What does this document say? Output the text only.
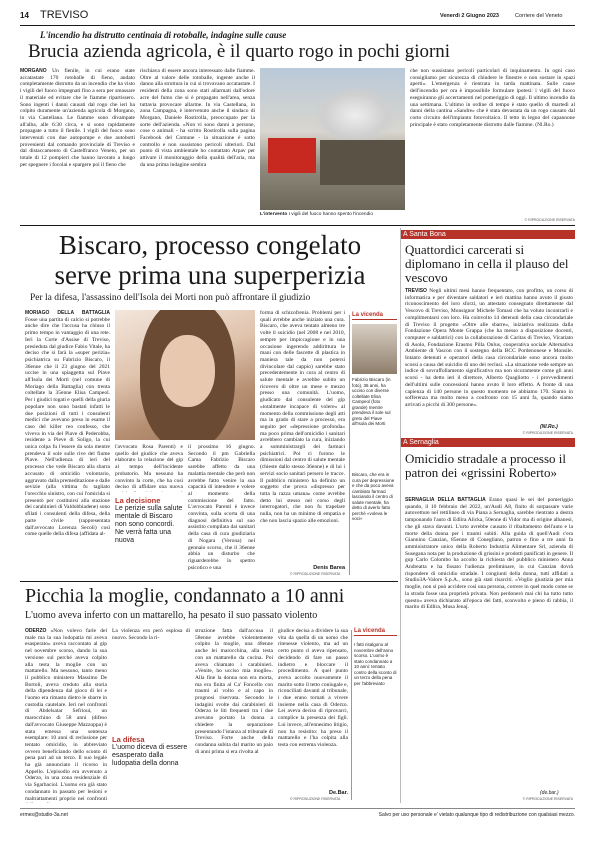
14 TREVISO	Venerdì 2 Giugno 2023	Corriere del Veneto
L'incendio ha distrutto centinaia di rotoballe, indagine sulle cause
Brucia azienda agricola, è il quarto rogo in pochi giorni
MORGANO Un fienile, in cui erano state accatastate 170 rotoballe di fieno, andato completamente distrutto da un incendio che ha visto i vigili del fuoco impegnati fino a sera per smassare il materiale ed evitare che le fiamme ripartissero. Sono ingenti i danni causati dal rogo che ieri ha colpito duramente un'azienda agricola di Morgano, in via Castellana. Le fiamme sono divampate all'alba, alle 6:30 circa, e si sono rapidamente propagate a tutto il fienile. I vigili del fuoco sono intervenuti con due autopompe e due autobotti provenienti dal comando provinciale di Treviso e dal distaccamento di Castelfranco Veneto, per un totale di 12 pompieri che hanno lavorato a lungo per spegnere i focolai e spargere poi il fieno che
rischiava di essere ancora interessato dalle fiamme. Oltre al valore delle rotoballe, ingente anche il danno alla struttura in cui si trovavano accatastate. I residenti della zona sono stati allarmati dall'odore acre del fumo che si è propagato nell'area, senza tuttavia provocare allarme. In via Castellana, in zona Campagna, è intervenuto anche il sindaco di Morgano, Daniele Rostirolla, preoccupato per la sorte dell'azienda. «Non vi sono danni a persone, cose o animali - ha scritto Rostirolla sulla pagina Facebook del Comune - la situazione è sotto controllo e non sussistono pericoli ulteriori. Dal punto di vista ambientale ho contattato Arpav per attivare il monitoraggio della qualità dell'aria, ma da una prima indagine sembra
L'intervento I vigili del fuoco hanno spento l'incendio
che non sussistano pericoli particolari di inquinamento. In ogni caso consigliamo per sicurezza di chiudere le finestre e non sostare in spazi aperti». L'emergenza è rientrata in tarda mattinata. Sulle cause dell'incendio per ora è impossibile formulare ipotesi: i vigili del fuoco eseguiranno gli accertamenti nel pomeriggio di oggi. Il ultimo incendio da una settimana. L'ultimo in ordine di tempo è stato quello di martedì al danni della cantina «Sandre» che è stata devastata da un rogo causato dal corto circuito dell'impianto fotovoltaico. Il tetto in legno del capannone principale è stato completamente distrutto dalle fiamme. (Nl.Ro.)
© RIPRODUZIONE RISERVATA
Biscaro, processo congelato
serve prima una superperizia
Per la difesa, l'assassino dell'Isola dei Morti non può affrontare il giudizio
MORIAGO DELLA BATTAGLIA Fosse una partita di calcio si potrebbe anche dire che l'accusa ha chiuso il primo tempo in vantaggio di una rete. Ieri la Corte d'Assise di Treviso, presieduta dal giudice Fabio Vitale, ha deciso che si farà la «super perizia» psichiatrica su Fabrizio Biscaro, il 36enne che il 23 giugno del 2021 uccise in una spiaggetta sul Piave all'Isola dei Morti (nel comune di Moriago della Battaglia) con trenta coltellate la 35enne Elisa Campeol. Per i giudici togati e quelli della giuria popolare non sono bastati infatti le due posizioni di tutti i consulenti medici che avevano preso in esame il caso del killer reo confesso, che viveva in via del Piave di Pederobba, residente a Pieve di Soligo, la cui unica colpa fu l'essere da sola mentre prendeva il sole sulle rive del fiume Piave. Nell'udienza di ieri del processo che vede Biscaro alla sbarra accusato di omicidio volontario, aggravato dalla premeditazione e dalle sevizie (alla vittima fu tagliato l'orecchio sinistro, con cui l'omicida si presentò per costituirsi alla stazione dei carabinieri di Valdobbiadene) sono sfilati i consulenti della difesa, della parte civile (rappresentata dall'avvocato Lorenza Secoli) così come quelle della difesa (affidata al-
l'avvocato Rosa Parenti) e quello del giudice che aveva elaborato la relazione del gip al tempo dell'incidente probatorio. Ma nessuno ha convinto la corte, che ha così deciso di affidare una nuova
La decisione
Le perizie sulla salute mentale di Biscaro non sono concordi. Ne verrà fatta una nuova
il prossimo 16 giugno. Secondo il pm Gabriella Cama Fabrizio Biscaro sarebbe affetto da una malattia mentale che però non avrebbe fatto venire la sua capacità di intendere e volere al momento della commissione del fatto. L'avvocato Parenti è invece convinta, sulla scorta di una diagnosi definitiva sul suo assistito compilata dai sanitari della casa di cura giudiziaria di Nogara (Verona) nel gennaio scorso, che il 36enne abbia un disturbo che riguarderebbe lo spettro psicotico e una
forma di schizofrenia. Problemi per i quali avrebbe anche iniziato una cura. Biscaro, che aveva tentato almeno tre volte il suicidio (nel 2008 e nel 2010, sempre per impiccagione e in una occasione ingerendo addirittura le mani con delle fascette di plastica in maniera tale da non potersi divincolare dal cappio) sarebbe stato precedentemente in cura al centro di salute mentale e avrebbe subito un ricovero di oltre un mese e mezzo presso una comunità. L'uomo, giudicato dal consulente del gip «totalmente incapace di volere» al momento della commissione degli atti ma in grado di stare a processo, era seguito per «depressione profonda» ma poco prima dell'omicidio i sanitari avrebbero cambiato la cura, iniziando a somministrargli dei farmaci psichiatrici. Poi ci furono le dimissioni dal centro di salute mentale (chieste dallo stesso 36enne) e di lui i servizi socio sanitari persero le tracce. Il pubblico ministero ha definito un soggetto che prova «dispresso per tutta la razza umana» come avrebbe detto lui stesso nel corso degli interrogatori, che non fu trapelare nulla, non ha un minimo di empatia e che non lascia spazio alle emozioni.
Denis Barea
© RIPRODUZIONE RISERVATA
La vicenda
Fabrizio Biscaro (in foto), 36 anni, ha ucciso con diverse coltellate Elisa Campeol (foto grande) mentre prendeva il sole sul greto del Piave all'Isola dei Morti
Biscaro, che era in cura per depressione e che da poco aveva cambiato farmaci lasciando il centro di salute mentale, ha detto di averlo fatto perché «voleva le voci»
A Santa Bona
Quattordici carcerati si diplomano in cella il plauso del vescovo
TREVISO Negli ultimi mesi hanno frequentato, con profitto, un corso di informatica e per diventare saldatori e ieri mattina hanno avuto il giusto riconoscimento del loro sforzi, un attestato consegnato direttamente dal Vescovo di Treviso, Monsignor Michele Tomasi che ha voluto incontrarli e complimentarsi con loro. Ha coinvolto 14 detenuti della casa circondariale di Treviso il progetto «Oltre alle sbarre», iniziativa realizzata dalla Fondazione Opera Monte Grappa (che ha messo a disposizione docenti, computer e saldatrici) con la collaborazione di Caritas di Treviso, Vicariato di Asolo, Fondazione Erasmo Pilla Onlus, cooperativa sociale Alternativa Ambiente di Vascon con il sostegno della BCC Pordenonese e Monsile. Intanto detenuti e operatori della casa circondariale sono ancora molto scossi a causa del suicidio di uno dei reclusi. «La situazione vede sempre un indice di sovraffollamento significativo ma non sicuramente come gli anni scorsi - ha detto ieri il direttore, Alberto Quagliotto - i provvedimenti dell'ultimi sulle concessioni hanno avuto il loro effetto. A fronte di una capienza di 140 persone in questo momento ne abbiamo 170. Siamo in sofferenza ma molto meno a confronto con 15 anni fa, quando siamo arrivati a picchi di 300 persone».
(Nl.Ro.)
© RIPRODUZIONE RISERVATA
A Sernaglia
Omicidio stradale a processo il patron dei «grissini Roberto»
SERNAGLIA DELLA BATTAGLIA Erano quasi le sei del pomeriggio quando, il 10 febbraio del 2022, un'Audi A8, finito di sorpassare varie autovetture nel rettilineo di via Piana a Sernaglia, sarebbe rientrato a destra tamponando l'auto di Edlira Alicka, 50enne di Vidor ma di origine albanesi, che gli stava davanti. L'urto avrebbe causato il ribaltamento dell'auto e la morte della donna per i traumi subiti. Alla guida di quell'Audi c'era Giannino Canzian, 85enne di Conegliano, patron e fino a tre anni fa amministratore unico della Roberto Industria Alimentare Srl, azienda di Susegana nota per la produzione di grissini e prodotti panificati in genere. Il gup Carlo Colombo ha accolto la richiesta del pubblico ministero Anna Andreatta e ha fissato l'udienza preliminare, in cui Canzian dovrà rispondere di omicidio stradale. I congiunti della donna, tutti affidati a Studio3A-Valore S.p.A., sono già stati risarciti. «Voglio giustizia per mia moglie, non si può accidere così una persona, correre in quel modo come se la strada fosse una proprietà privata. Non perdonerò mai chi ha tutto tutto questo» aveva dichiarato all'epoca dei fatti, sconvolto e pieno di rabbia, il marito di Edlira, Musa Jenaj.
(de.bar.)
© RIPRODUZIONE RISERVATA
Picchia la moglie, condannato a 10 anni
L'uomo aveva inferto con un mattarello, ha pesato il suo passato violento
ODERZO «Non volevo farle del male ma la sua ludopatia mi aveva esasperato» aveva raccontato al gip nel novembre scorso, dando la sua versione sul perché aveva colpito alla testa la moglie con un mattarello. Ma nessuno, tanto meno il pubblico ministero Massimo De Bortoli, aveva creduto alla storia della dipendenza dal gioco di lei e l'uomo era rimasto dietro le sbarre in custodia cautelare. Ieri nel confronti di Abdelsatar Sefrioui, un marocchino di 58 anni (difeso dall'avvocato Giuseppe Mazzoppa) è stata emessa una sentenza esemplare: 10 anni di reclusione per tentato omicidio, in abbreviato ovvero beneficiando dello sconto di pena pari ad un terzo. Il suo legale ha già annunciato il ricorso in Appello. L'episodio era avvenuto a Oderzo, in una zona residenziale di via Sgarbaciol. L'uomo era già stato condannato in passato per lesioni e maltrattamenti proprio nei confronti
La violenza era però esplosa di nuovo. Secondo la ri-
La difesa
L'uomo diceva di essere esasperato dalla ludopatia della donna
struzione fatta dall'accusa il 58enne avrebbe violentemente colpito la moglie, una 48enne anche lei marocchina, alla testa con un mattarello da cucina. Poi aveva chiamato i carabinieri. «Venite, ho ucciso mia moglie». Alla fine la donna non era morta, ma era finita al Ca' Foncello con traumi al volto e al capo in prognosi riservata. Secondo le indagini svolte dai carabinieri di Oderzo le liti frequenti tra i due avevano portato la donna a chiedere la separazione presentando l'istanza al tribunale di Treviso. Forte anche della condanna subita dal marito un paio di anni prima si era rivolta al
giudice decisa a dividere la sua vita da quella di un uomo che ritenesse violento, ma ad un certo punto ci aveva ripensato, decidendo di fare un passo indietro e bloccare il procedimento. A quel punto aveva accolto nuovamente il marito sotto il tetto coniugale e, riconciliati davanti al tribunale, i due erano tornati a vivere insieme nella casa di Oderzo. Lei aveva deciso di riprovarci, complice la presenza dei figli. Lui invece, all'ennesimo litigio, non ha resistito: ha preso il mattarello e l'ha colpita alla testa con estrema violenza.
De.Bar.
© RIPRODUZIONE RISERVATA
La vicenda
I fatti risalgono al novembre dell'anno scorso. L'uomo è stato condannato a 10 anni: tentato contro della sconto di un terzo della pena per l'abbreviato
ermes@studio-3a.net	Salvo per uso personale e' vietato qualunque tipo di redistribuzione con qualsiasi mezzo.
